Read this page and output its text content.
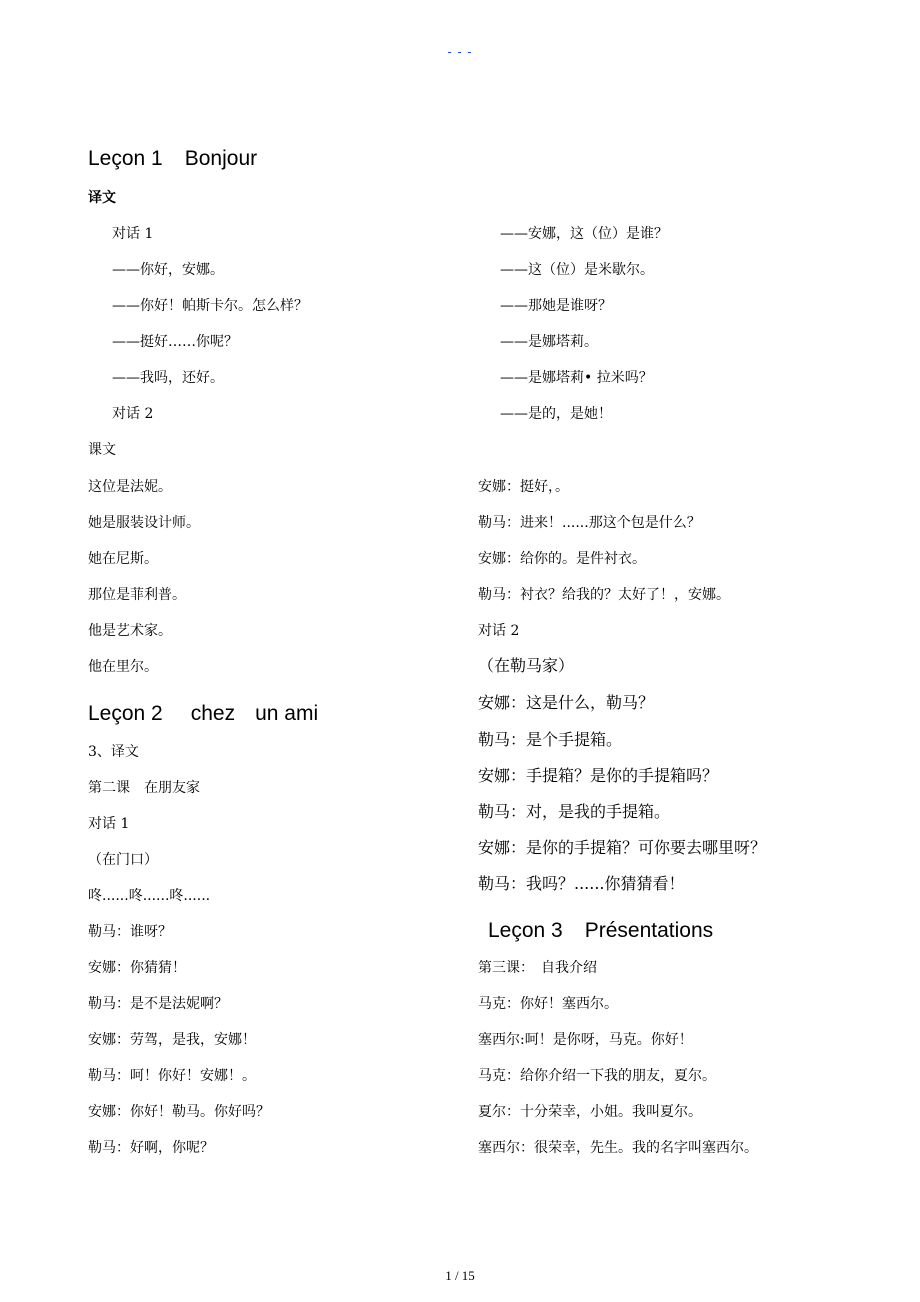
- - -
Leçon 1 Bonjour
译文
对话 1
——你好，安娜。
——你好！帕斯卡尔。怎么样？
——挺好……你呢？
——我吗，还好。
对话 2
课文
这位是法妮。
她是服装设计师。
她在尼斯。
那位是菲利普。
他是艺术家。
他在里尔。
Leçon 2 chez un ami
3、译文
第二课　在朋友家
对话 1
（在门口）
咚......咚......咚......
勒马：谁呀？
安娜：你猜猜！
勒马：是不是法妮啊？
安娜：劳驾，是我，安娜！
勒马：呵！你好！安娜！。
安娜：你好！勒马。你好吗？
勒马：好啊，你呢？
——安娜，这（位）是谁？
——这（位）是米歇尔。
——那她是谁呀？
——是娜塔莉。
——是娜塔莉• 拉米吗？
——是的，是她！
安娜：挺好，。
勒马：进来！......那这个包是什么？
安娜：给你的。是件衬衣。
勒马：衬衣？给我的？太好了！，安娜。
对话 2
（在勒马家）
安娜：这是什么，勒马？
勒马：是个手提箱。
安娜：手提箱？是你的手提箱吗？
勒马：对，是我的手提箱。
安娜：是你的手提箱？可你要去哪里呀？
勒马：我吗？......你猜猜看！
Leçon 3 Présentations
第三课：　自我介绍
马克：你好！塞西尔。
塞西尔:呵！是你呀，马克。你好！
马克：给你介绍一下我的朋友，夏尔。
夏尔：十分荣幸，小姐。我叫夏尔。
塞西尔：很荣幸，先生。我的名字叫塞西尔。
1 / 15
